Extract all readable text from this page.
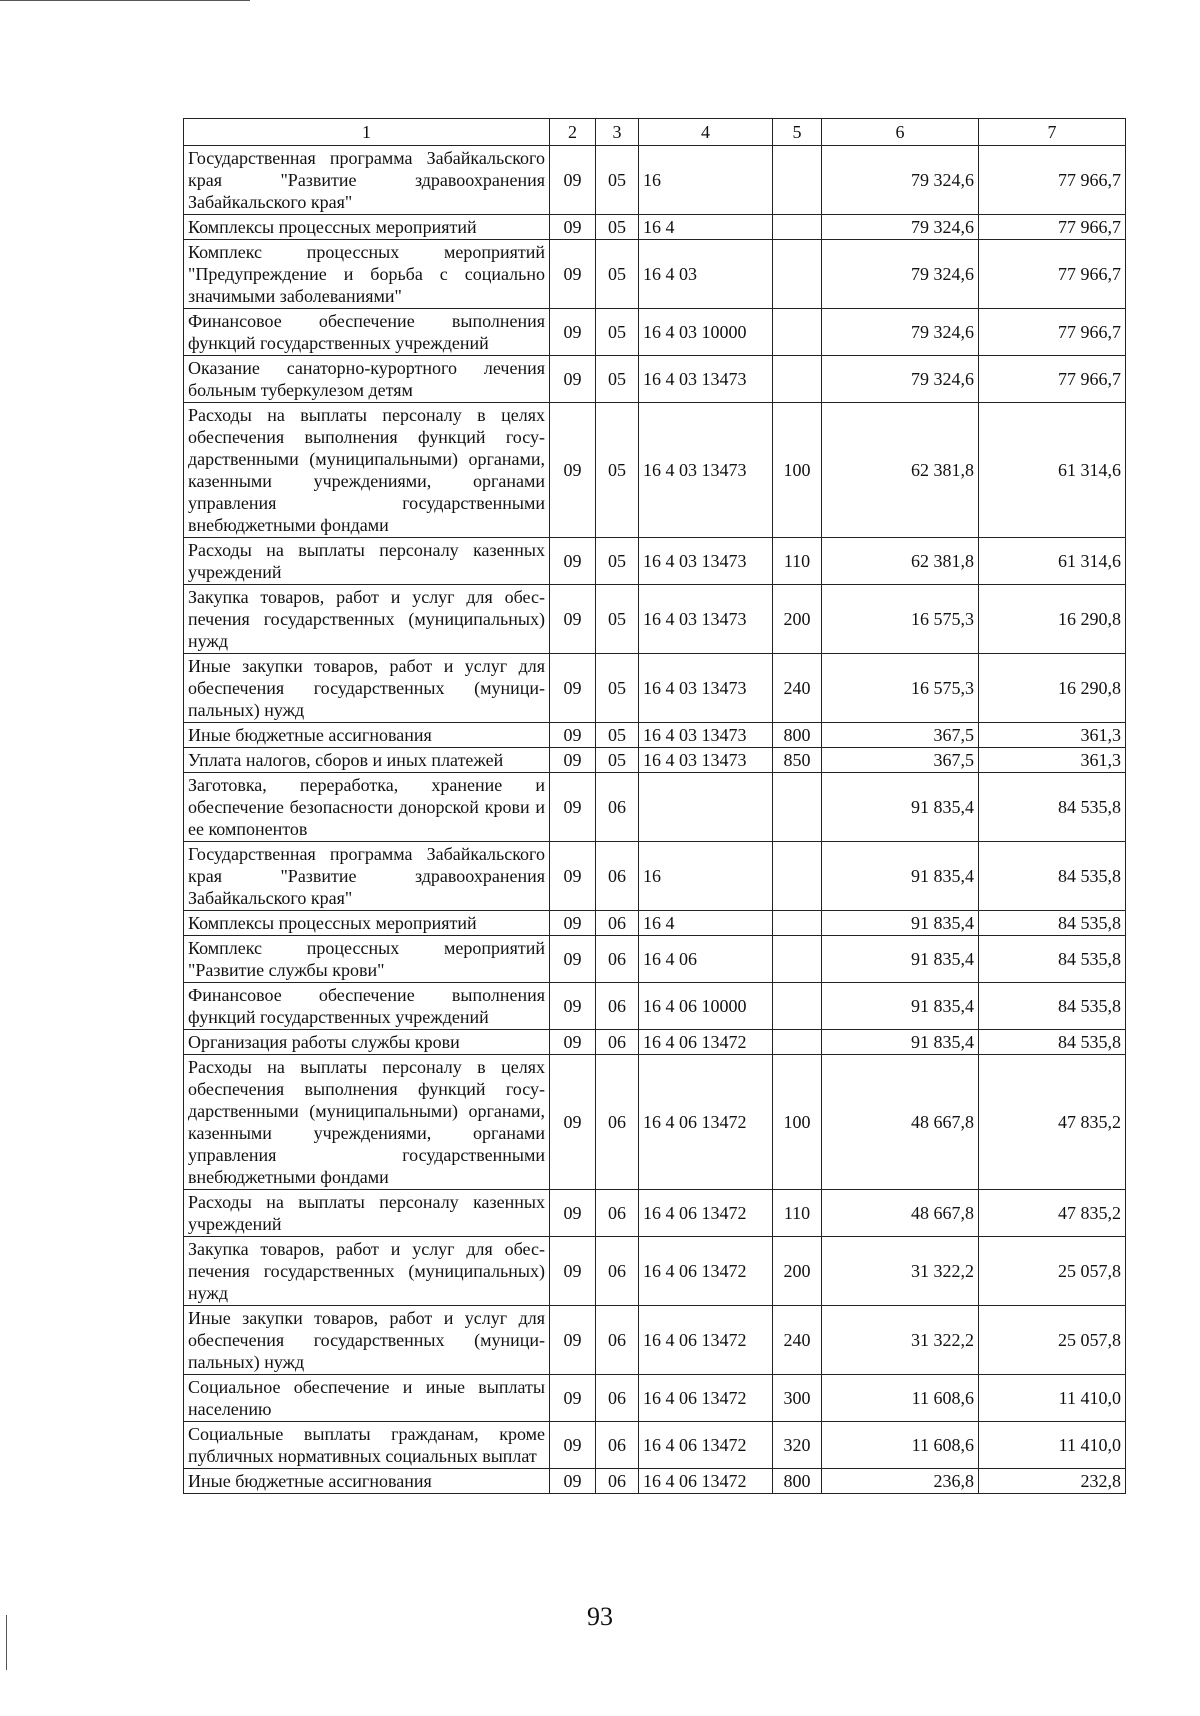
1	2	3	4	5	6	7
Государственная программа Забайкальского края "Развитие здравоохранения Забайкальского края"	09	05	16		79 324,6	77 966,7
Комплексы процессных мероприятий	09	05	16 4		79 324,6	77 966,7
Комплекс процессных мероприятий "Предупреждение и борьба с социально значимыми заболеваниями"	09	05	16 4 03		79 324,6	77 966,7
Финансовое обеспечение выполнения функций государственных учреждений	09	05	16 4 03 10000		79 324,6	77 966,7
Оказание санаторно-курортного лечения больным туберкулезом детям	09	05	16 4 03 13473		79 324,6	77 966,7
Расходы на выплаты персоналу в целях обеспечения выполнения функций государственными (муниципальными) органами, казенными учреждениями, органами управления государственными внебюджетными фондами	09	05	16 4 03 13473	100	62 381,8	61 314,6
Расходы на выплаты персоналу казенных учреждений	09	05	16 4 03 13473	110	62 381,8	61 314,6
Закупка товаров, работ и услуг для обеспечения государственных (муниципальных) нужд	09	05	16 4 03 13473	200	16 575,3	16 290,8
Иные закупки товаров, работ и услуг для обеспечения государственных (муниципальных) нужд	09	05	16 4 03 13473	240	16 575,3	16 290,8
Иные бюджетные ассигнования	09	05	16 4 03 13473	800	367,5	361,3
Уплата налогов, сборов и иных платежей	09	05	16 4 03 13473	850	367,5	361,3
Заготовка, переработка, хранение и обеспечение безопасности донорской крови и ее компонентов	09	06			91 835,4	84 535,8
Государственная программа Забайкальского края "Развитие здравоохранения Забайкальского края"	09	06	16		91 835,4	84 535,8
Комплексы процессных мероприятий	09	06	16 4		91 835,4	84 535,8
Комплекс процессных мероприятий "Развитие службы крови"	09	06	16 4 06		91 835,4	84 535,8
Финансовое обеспечение выполнения функций государственных учреждений	09	06	16 4 06 10000		91 835,4	84 535,8
Организация работы службы крови	09	06	16 4 06 13472		91 835,4	84 535,8
Расходы на выплаты персоналу в целях обеспечения выполнения функций государственными (муниципальными) органами, казенными учреждениями, органами управления государственными внебюджетными фондами	09	06	16 4 06 13472	100	48 667,8	47 835,2
Расходы на выплаты персоналу казенных учреждений	09	06	16 4 06 13472	110	48 667,8	47 835,2
Закупка товаров, работ и услуг для обеспечения государственных (муниципальных) нужд	09	06	16 4 06 13472	200	31 322,2	25 057,8
Иные закупки товаров, работ и услуг для обеспечения государственных (муниципальных) нужд	09	06	16 4 06 13472	240	31 322,2	25 057,8
Социальное обеспечение и иные выплаты населению	09	06	16 4 06 13472	300	11 608,6	11 410,0
Социальные выплаты гражданам, кроме публичных нормативных социальных выплат	09	06	16 4 06 13472	320	11 608,6	11 410,0
Иные бюджетные ассигнования	09	06	16 4 06 13472	800	236,8	232,8
93
